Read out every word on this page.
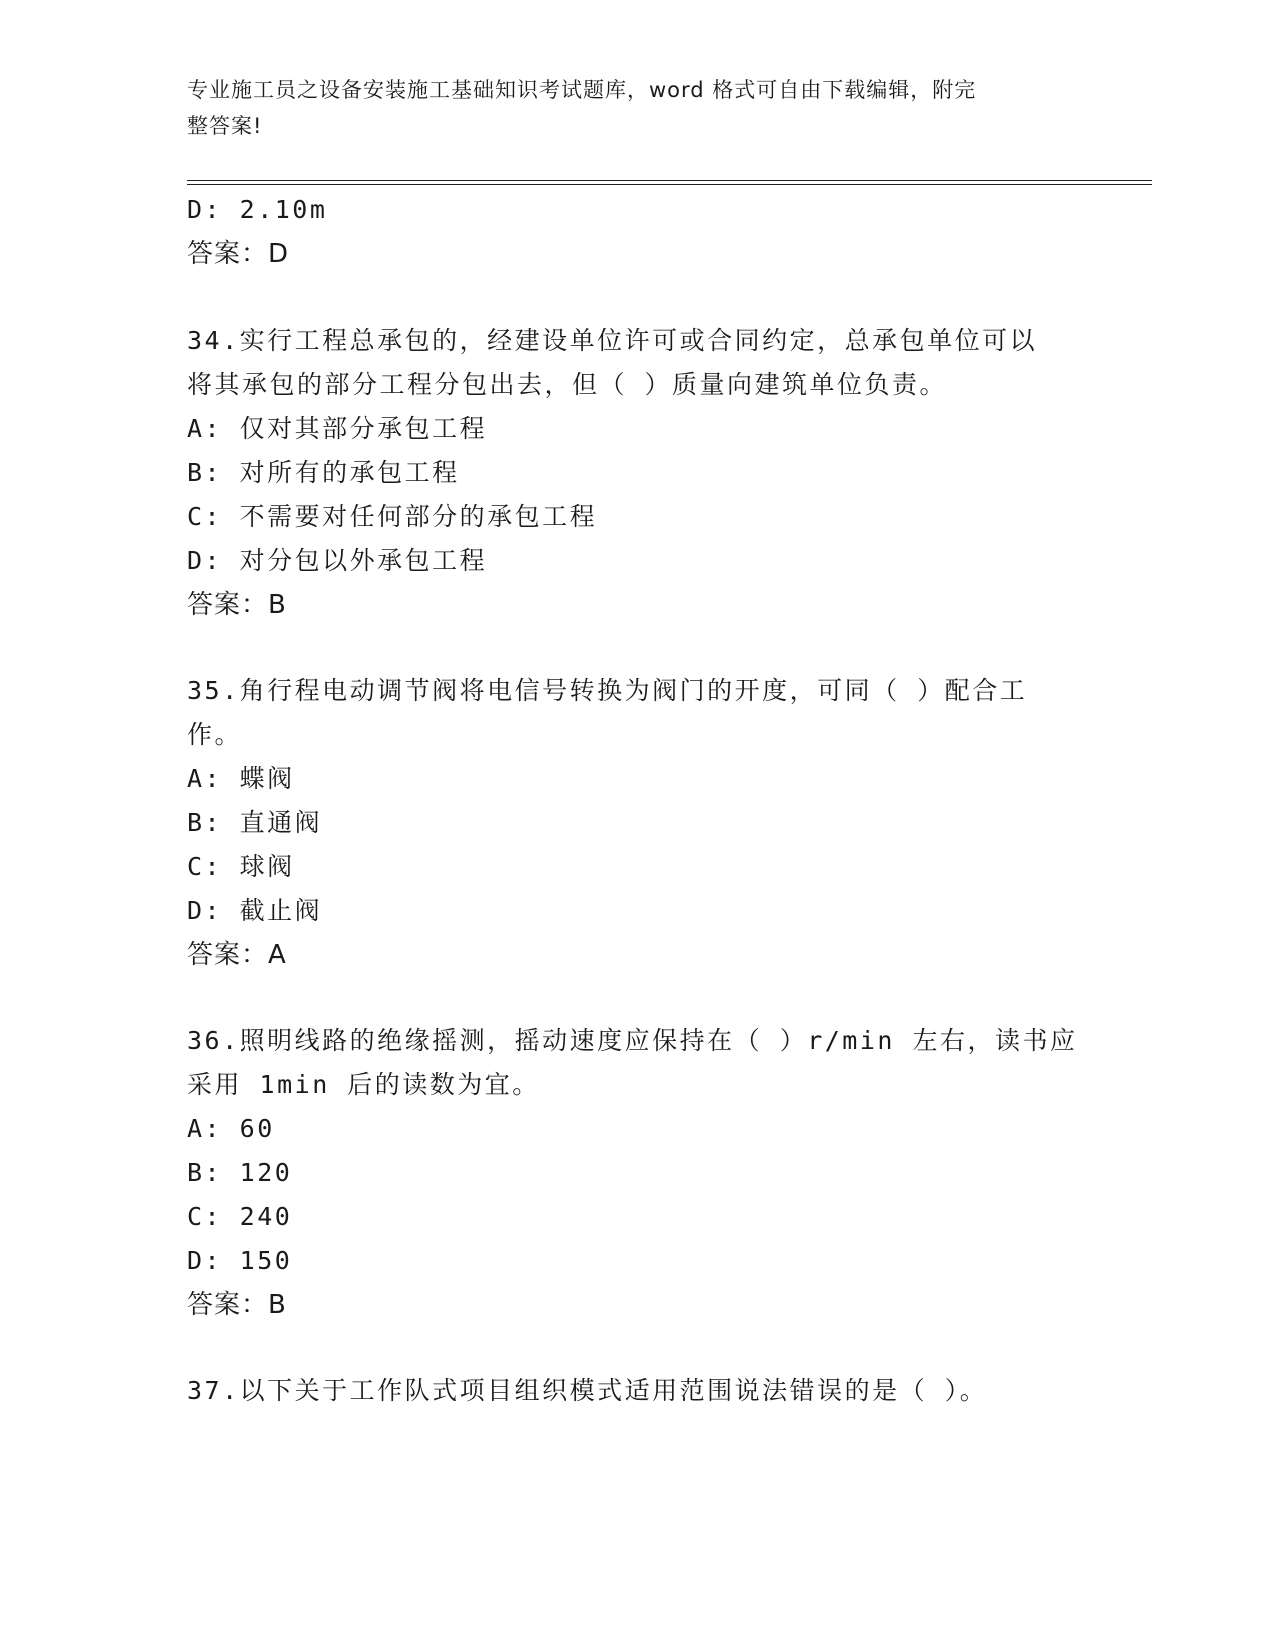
专业施工员之设备安装施工基础知识考试题库，word 格式可自由下载编辑，附完
整答案!
D: 2.10m
答案：D
34.实行工程总承包的，经建设单位许可或合同约定，总承包单位可以
将其承包的部分工程分包出去，但（ ）质量向建筑单位负责。
A: 仅对其部分承包工程
B: 对所有的承包工程
C: 不需要对任何部分的承包工程
D: 对分包以外承包工程
答案：B
35.角行程电动调节阀将电信号转换为阀门的开度，可同（ ）配合工
作。
A: 蝶阀
B: 直通阀
C: 球阀
D: 截止阀
答案：A
36.照明线路的绝缘摇测，摇动速度应保持在（ ）r/min 左右，读书应
采用 1min 后的读数为宜。
A: 60
B: 120
C: 240
D: 150
答案：B
37.以下关于工作队式项目组织模式适用范围说法错误的是（ ）。
